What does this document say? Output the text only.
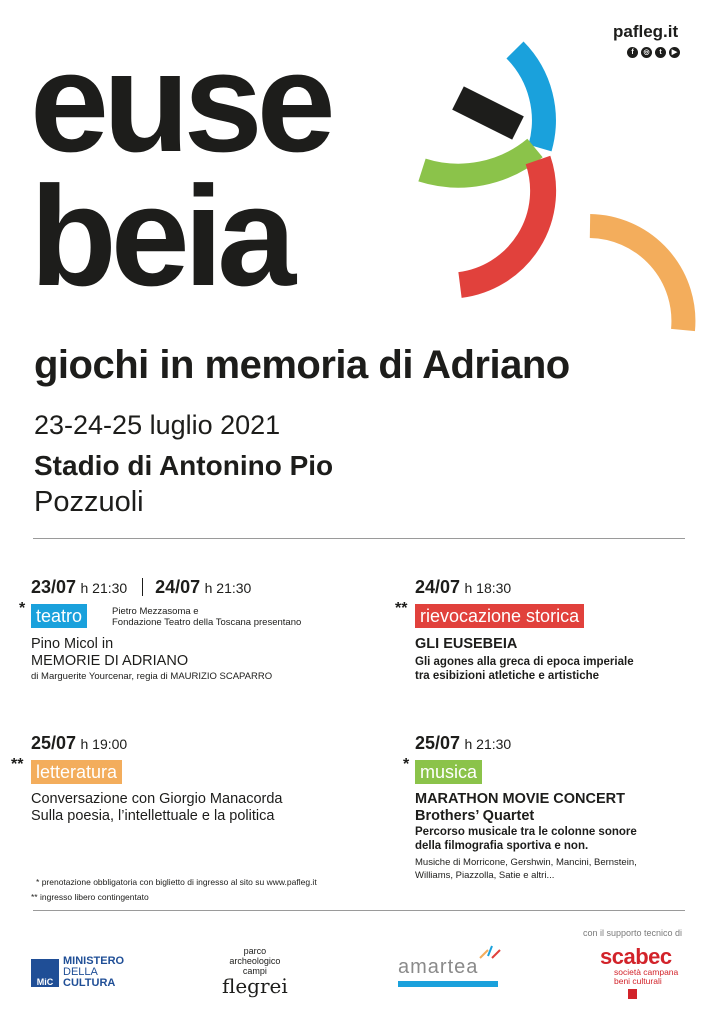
pafleg.it
f	◎	t	▶
euse
beia
giochi in memoria di Adriano
23-24-25 luglio 2021
Stadio di Antonino Pio
Pozzuoli
23/07 h 21:30 24/07 h 21:30
* teatro	Pietro Mezzasoma e
Fondazione Teatro della Toscana presentano
Pino Micol in
MEMORIE DI ADRIANO
di Marguerite Yourcenar, regia di MAURIZIO SCAPARRO
24/07 h 18:30
** rievocazione storica
GLI EUSEBEIA
Gli agones alla greca di epoca imperiale
tra esibizioni atletiche e artistiche
25/07 h 19:00
** letteratura
Conversazione con Giorgio Manacorda
Sulla poesia, l’intellettuale e la politica
25/07 h 21:30
* musica
MARATHON MOVIE CONCERT
Brothers’ Quartet
Percorso musicale tra le colonne sonore
della filmografia sportiva e non.
Musiche di Morricone, Gershwin, Mancini, Bernstein,
Williams, Piazzolla, Satie e altri...
* prenotazione obbligatoria con biglietto di ingresso al sito su www.pafleg.it
** ingresso libero contingentato
MiC
MINISTERO
DELLA
CULTURA
parco
archeologico
campi
flegrei
amartea
con il supporto tecnico di
scabec
società campana
beni culturali
